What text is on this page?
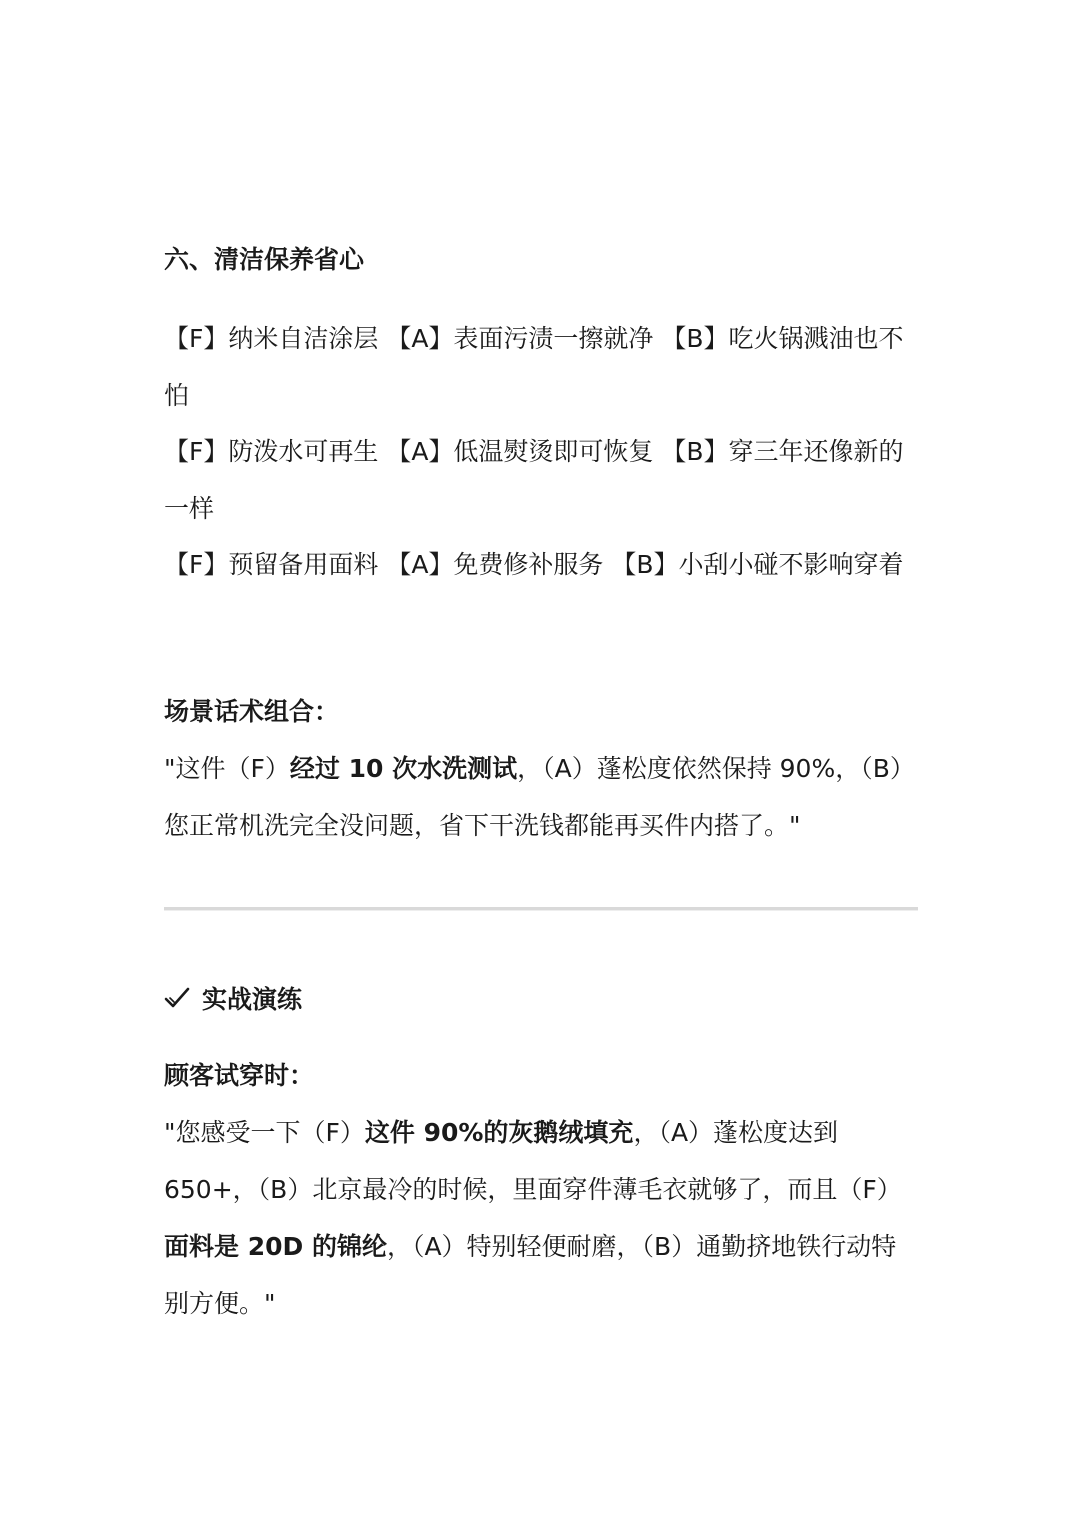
六、清洁保养省心
【F】纳米自洁涂层 【A】表面污渍一擦就净 【B】吃火锅溅油也不怕
【F】防泼水可再生 【A】低温熨烫即可恢复 【B】穿三年还像新的一样
【F】预留备用面料 【A】免费修补服务 【B】小刮小碰不影响穿着
场景话术组合：
"这件（F）经过 10 次水洗测试，（A）蓬松度依然保持 90%，（B）您正常机洗完全没问题，省下干洗钱都能再买件内搭了。"
实战演练
顾客试穿时：
"您感受一下（F）这件 90%的灰鹅绒填充，（A）蓬松度达到 650+，（B）北京最冷的时候，里面穿件薄毛衣就够了，而且（F）面料是 20D 的锦纶，（A）特别轻便耐磨，（B）通勤挤地铁行动特别方便。"
